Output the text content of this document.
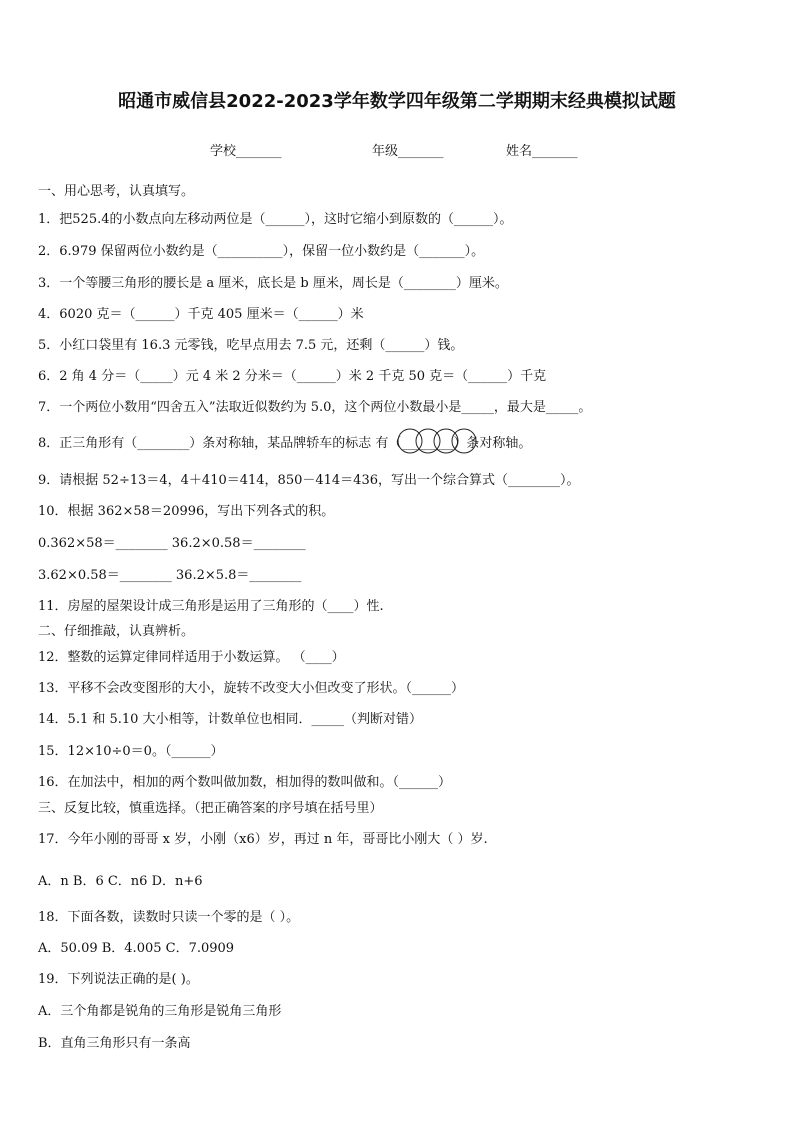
昭通市威信县2022-2023学年数学四年级第二学期期末经典模拟试题
学校_______	年级_______	姓名_______
一、用心思考，认真填写。
1．把525.4的小数点向左移动两位是（______），这时它缩小到原数的（______）。
2．6.979 保留两位小数约是（__________），保留一位小数约是（_______）。
3．一个等腰三角形的腰长是 a 厘米，底长是 b 厘米，周长是（________）厘米。
4．6020 克＝（______）千克 405 厘米＝（______）米
5．小红口袋里有 16.3 元零钱，吃早点用去 7.5 元，还剩（______）钱。
6．2 角 4 分＝（_____）元 4 米 2 分米＝（______）米 2 千克 50 克＝（______）千克
7．一个两位小数用“四舍五入”法取近似数约为 5.0，这个两位小数最小是_____，最大是_____。
8．正三角形有（________）条对称轴，某品牌轿车的标志 有（________）条对称轴。
9．请根据 52÷13＝4，4＋410＝414，850－414＝436，写出一个综合算式（________）。
10．根据 362×58＝20996，写出下列各式的积。
0.362×58＝________ 36.2×0.58＝________
3.62×0.58＝________ 36.2×5.8＝________
11．房屋的屋架设计成三角形是运用了三角形的（____）性.
二、仔细推敲，认真辨析。
12．整数的运算定律同样适用于小数运算。 （____）
13．平移不会改变图形的大小，旋转不改变大小但改变了形状。（______）
14．5.1 和 5.10 大小相等，计数单位也相同．_____（判断对错）
15．12×10÷0＝0。（______）
16．在加法中，相加的两个数叫做加数，相加得的数叫做和。（______）
三、反复比较，慎重选择。（把正确答案的序号填在括号里）
17．今年小刚的哥哥 x 岁，小刚（x6）岁，再过 n 年，哥哥比小刚大（ ）岁.
A．n B．6 C．n6 D．n+6
18．下面各数，读数时只读一个零的是（ ）。
A．50.09 B．4.005 C．7.0909
19．下列说法正确的是( )。
A．三个角都是锐角的三角形是锐角三角形
B．直角三角形只有一条高
